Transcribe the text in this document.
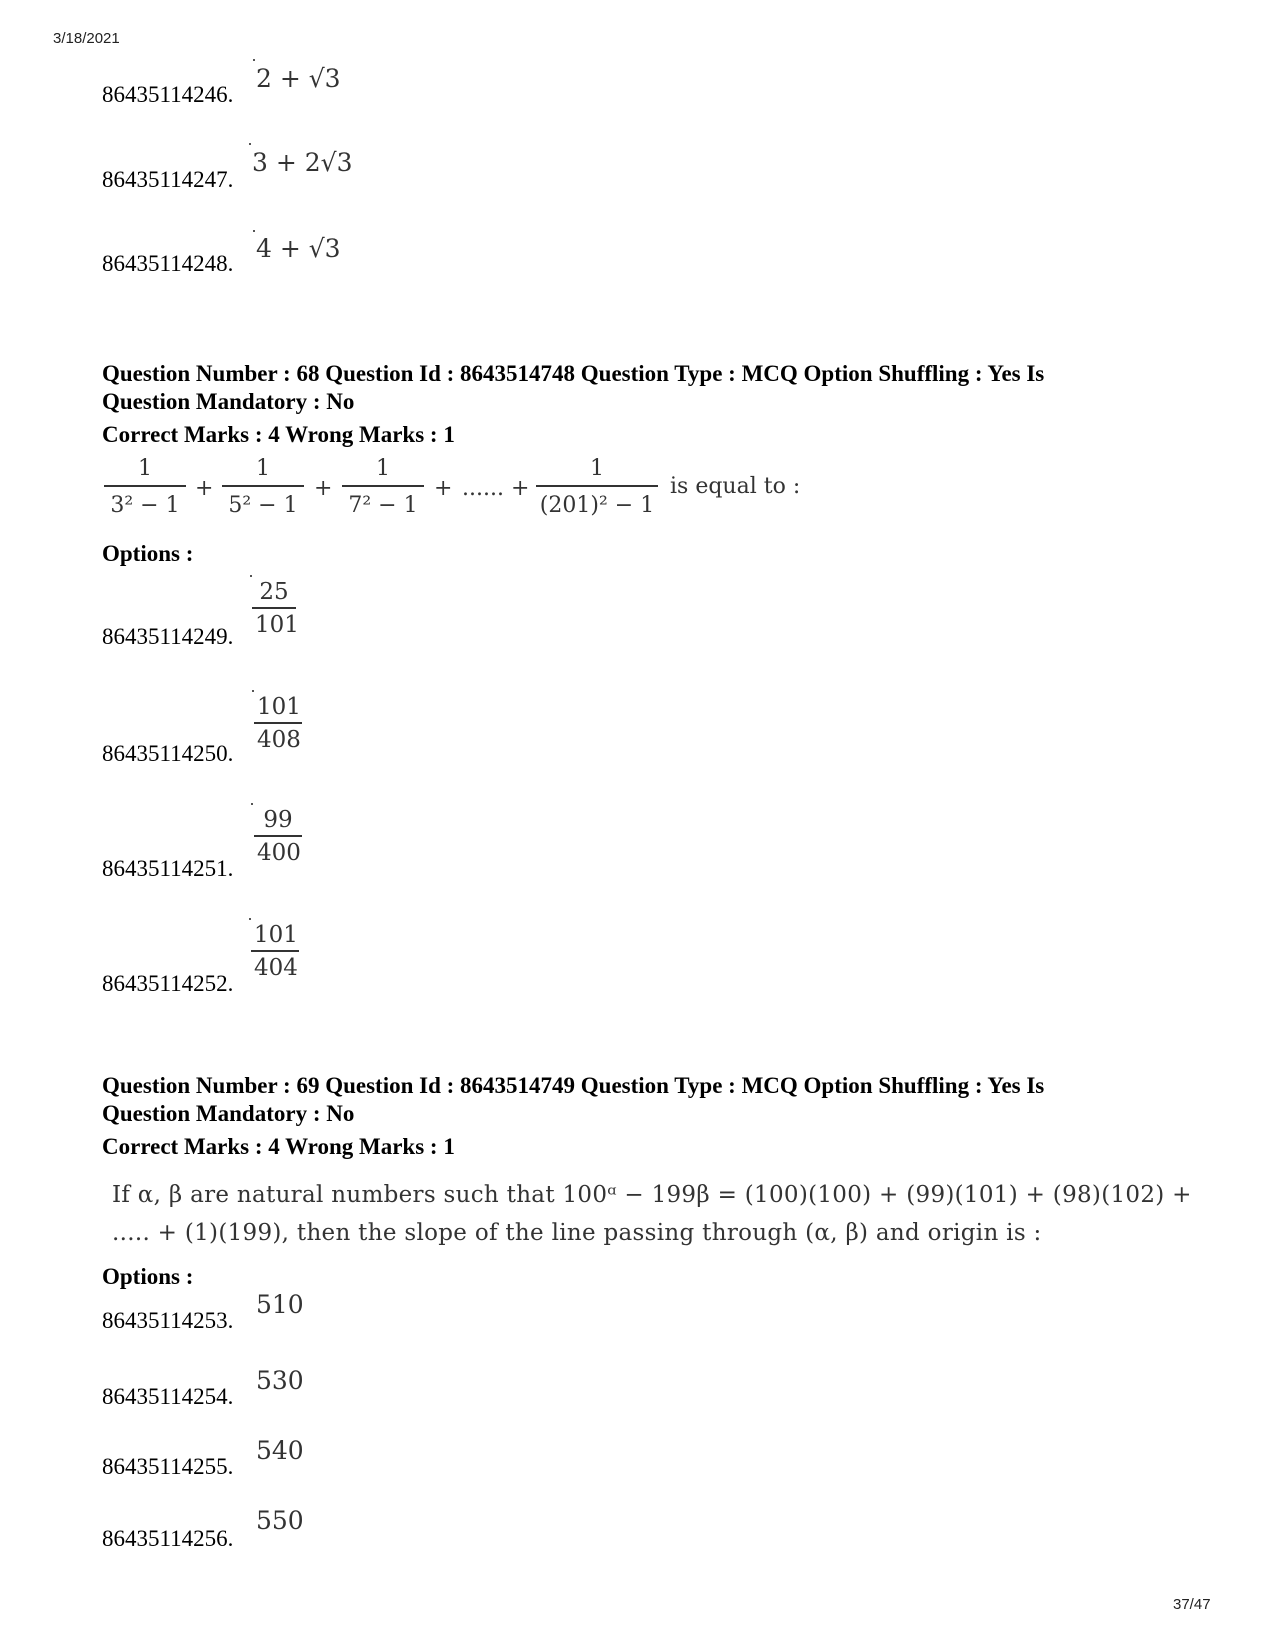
3/18/2021
37/47
86435114246.
2 + √3
86435114247.
3 + 2√3
86435114248.
4 + √3
Question Number : 68 Question Id : 8643514748 Question Type : MCQ Option Shuffling : Yes Is
Question Mandatory : No
Correct Marks : 4 Wrong Marks : 1
$\frac{1}{\text{3² − 1}} + \frac{1}{\text{5² − 1}} + \frac{1}{\text{7² − 1}}$ + ...... + $\frac{1}{\text{(201)² − 1}}$ is equal to :
Options :
86435114249. $\frac{25}{101}$
86435114250.
$\frac{101}{408}$
86435114251.
$\frac{99}{400}$
86435114252.
$\frac{101}{404}$
Question Number : 69 Question Id : 8643514749 Question Type : MCQ Option Shuffling : Yes Is
Question Mandatory : No
Correct Marks : 4 Wrong Marks : 1
If α, β are natural numbers such that 100ᵅ − 199β = (100)(100) + (99)(101) + (98)(102) +
..... + (1)(199), then the slope of the line passing through (α, β) and origin is :
Options :
86435114253.
510
86435114254.
530
86435114255.
540
86435114256.
550
